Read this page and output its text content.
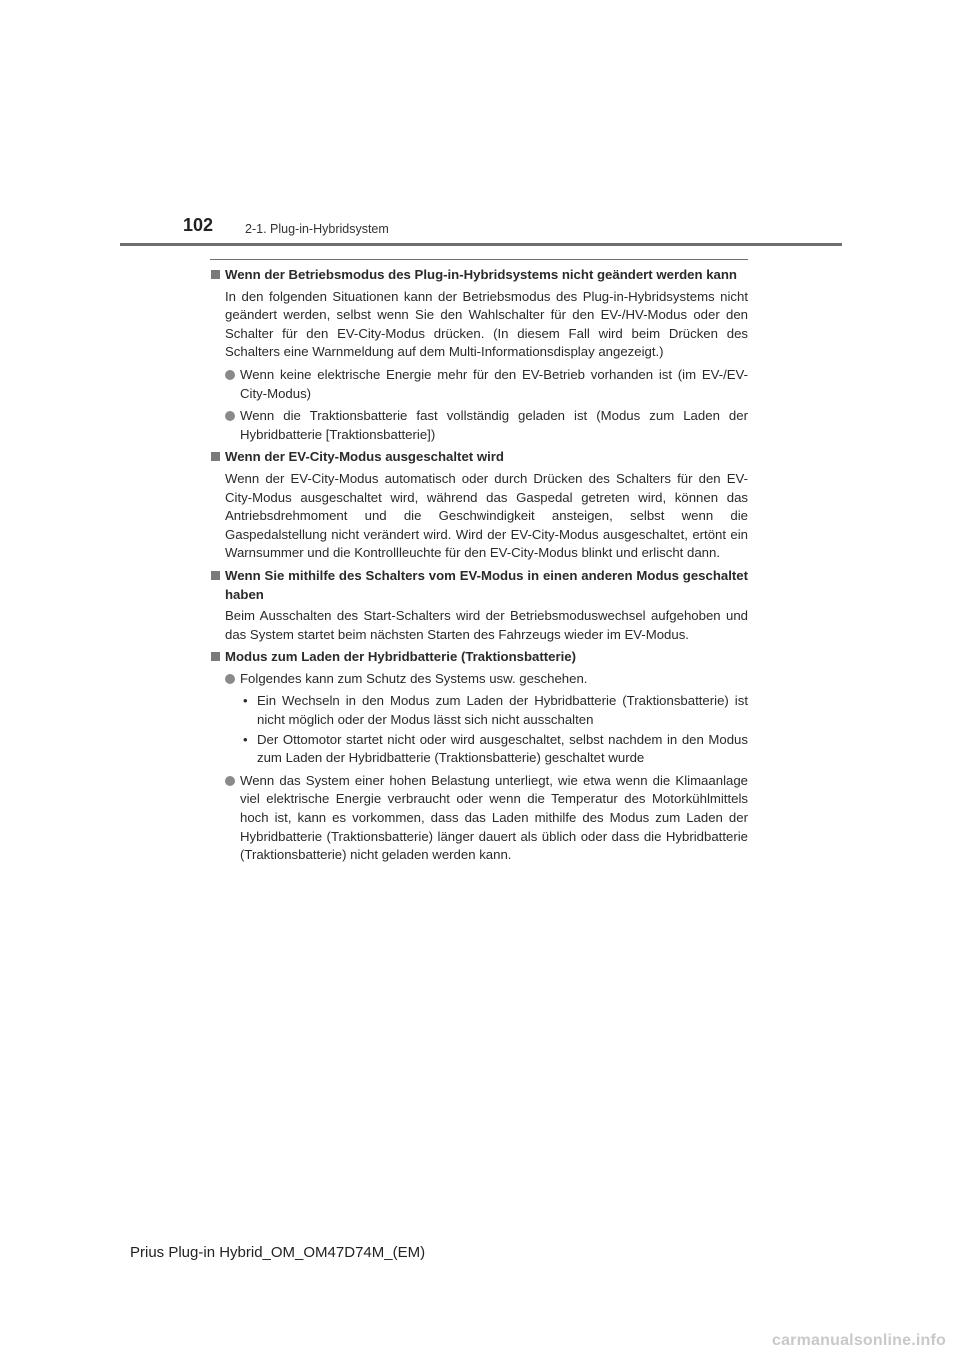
102	2-1. Plug-in-Hybridsystem
Wenn der Betriebsmodus des Plug-in-Hybridsystems nicht geändert werden kann
In den folgenden Situationen kann der Betriebsmodus des Plug-in-Hybridsystems nicht geändert werden, selbst wenn Sie den Wahlschalter für den EV-/HV-Modus oder den Schalter für den EV-City-Modus drücken. (In diesem Fall wird beim Drücken des Schalters eine Warnmeldung auf dem Multi-Informationsdisplay angezeigt.)
Wenn keine elektrische Energie mehr für den EV-Betrieb vorhanden ist (im EV-/EV-City-Modus)
Wenn die Traktionsbatterie fast vollständig geladen ist (Modus zum Laden der Hybridbatterie [Traktionsbatterie])
Wenn der EV-City-Modus ausgeschaltet wird
Wenn der EV-City-Modus automatisch oder durch Drücken des Schalters für den EV-City-Modus ausgeschaltet wird, während das Gaspedal getreten wird, können das Antriebsdrehmoment und die Geschwindigkeit ansteigen, selbst wenn die Gaspedalstellung nicht verändert wird. Wird der EV-City-Modus ausgeschaltet, ertönt ein Warnsummer und die Kontrollleuchte für den EV-City-Modus blinkt und erlischt dann.
Wenn Sie mithilfe des Schalters vom EV-Modus in einen anderen Modus geschaltet haben
Beim Ausschalten des Start-Schalters wird der Betriebsmoduswechsel aufgehoben und das System startet beim nächsten Starten des Fahrzeugs wieder im EV-Modus.
Modus zum Laden der Hybridbatterie (Traktionsbatterie)
Folgendes kann zum Schutz des Systems usw. geschehen.
• Ein Wechseln in den Modus zum Laden der Hybridbatterie (Traktionsbatterie) ist nicht möglich oder der Modus lässt sich nicht ausschalten
• Der Ottomotor startet nicht oder wird ausgeschaltet, selbst nachdem in den Modus zum Laden der Hybridbatterie (Traktionsbatterie) geschaltet wurde
Wenn das System einer hohen Belastung unterliegt, wie etwa wenn die Klimaanlage viel elektrische Energie verbraucht oder wenn die Temperatur des Motorkühlmittels hoch ist, kann es vorkommen, dass das Laden mithilfe des Modus zum Laden der Hybridbatterie (Traktionsbatterie) länger dauert als üblich oder dass die Hybridbatterie (Traktionsbatterie) nicht geladen werden kann.
Prius Plug-in Hybrid_OM_OM47D74M_(EM)
carmanualsonline.info
